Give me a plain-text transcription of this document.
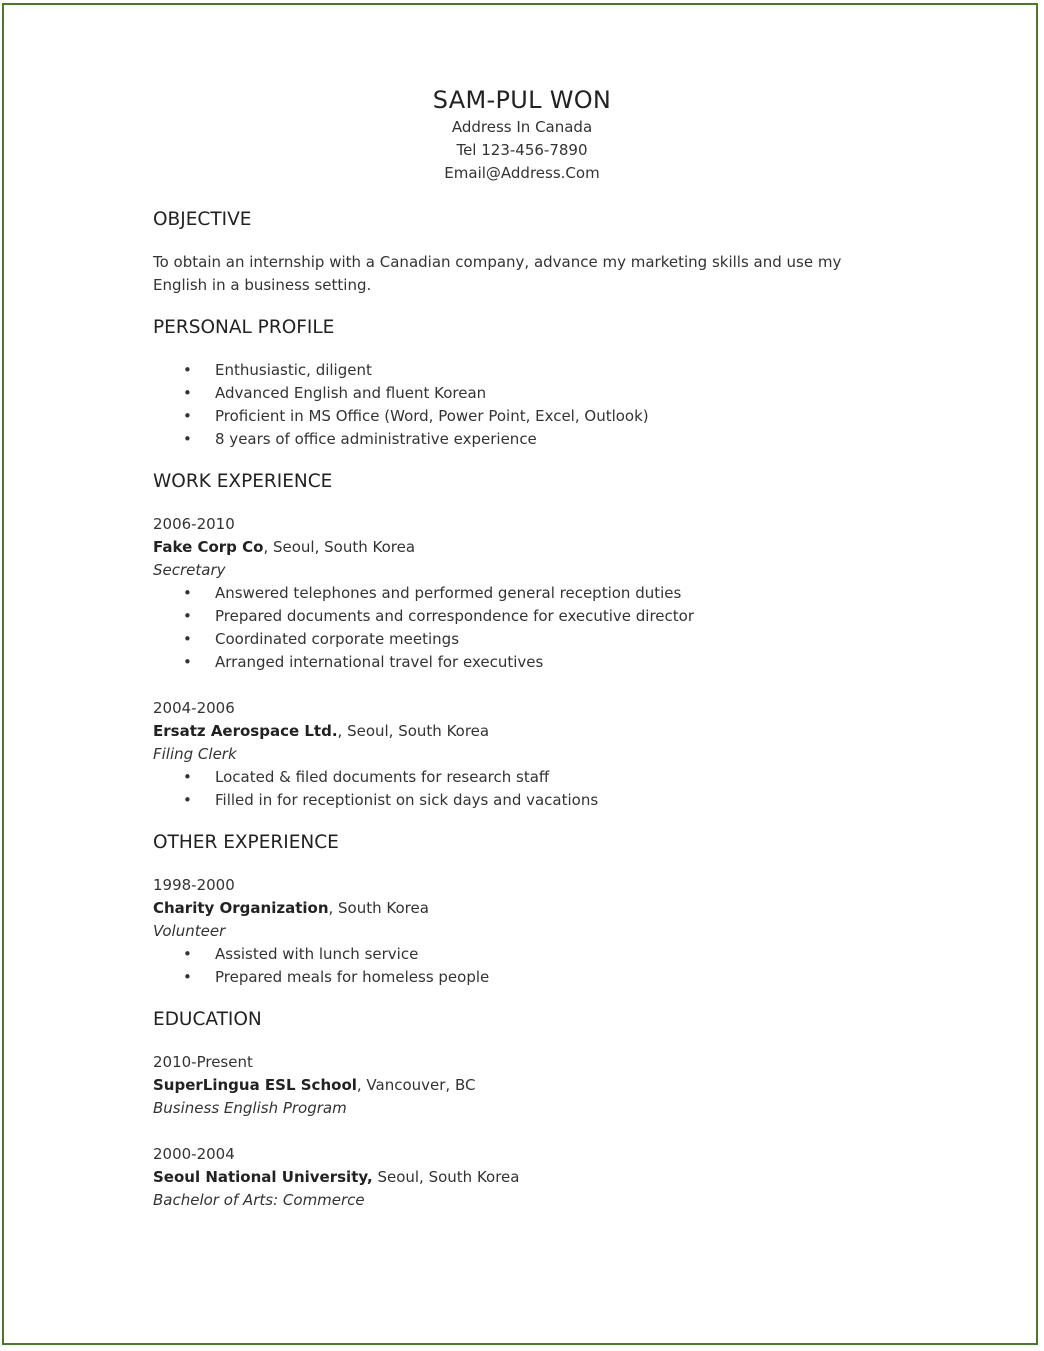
SAM-PUL WON
Address In Canada
Tel 123-456-7890
Email@Address.Com
OBJECTIVE
To obtain an internship with a Canadian company, advance my marketing skills and use my
English in a business setting.
PERSONAL PROFILE
• Enthusiastic, diligent
• Advanced English and fluent Korean
• Proficient in MS Office (Word, Power Point, Excel, Outlook)
• 8 years of office administrative experience
WORK EXPERIENCE
2006-2010
Fake Corp Co, Seoul, South Korea
Secretary
• Answered telephones and performed general reception duties
• Prepared documents and correspondence for executive director
• Coordinated corporate meetings
• Arranged international travel for executives
2004-2006
Ersatz Aerospace Ltd., Seoul, South Korea
Filing Clerk
• Located & filed documents for research staff
• Filled in for receptionist on sick days and vacations
OTHER EXPERIENCE
1998-2000
Charity Organization, South Korea
Volunteer
• Assisted with lunch service
• Prepared meals for homeless people
EDUCATION
2010-Present
SuperLingua ESL School, Vancouver, BC
Business English Program
2000-2004
Seoul National University, Seoul, South Korea
Bachelor of Arts: Commerce
